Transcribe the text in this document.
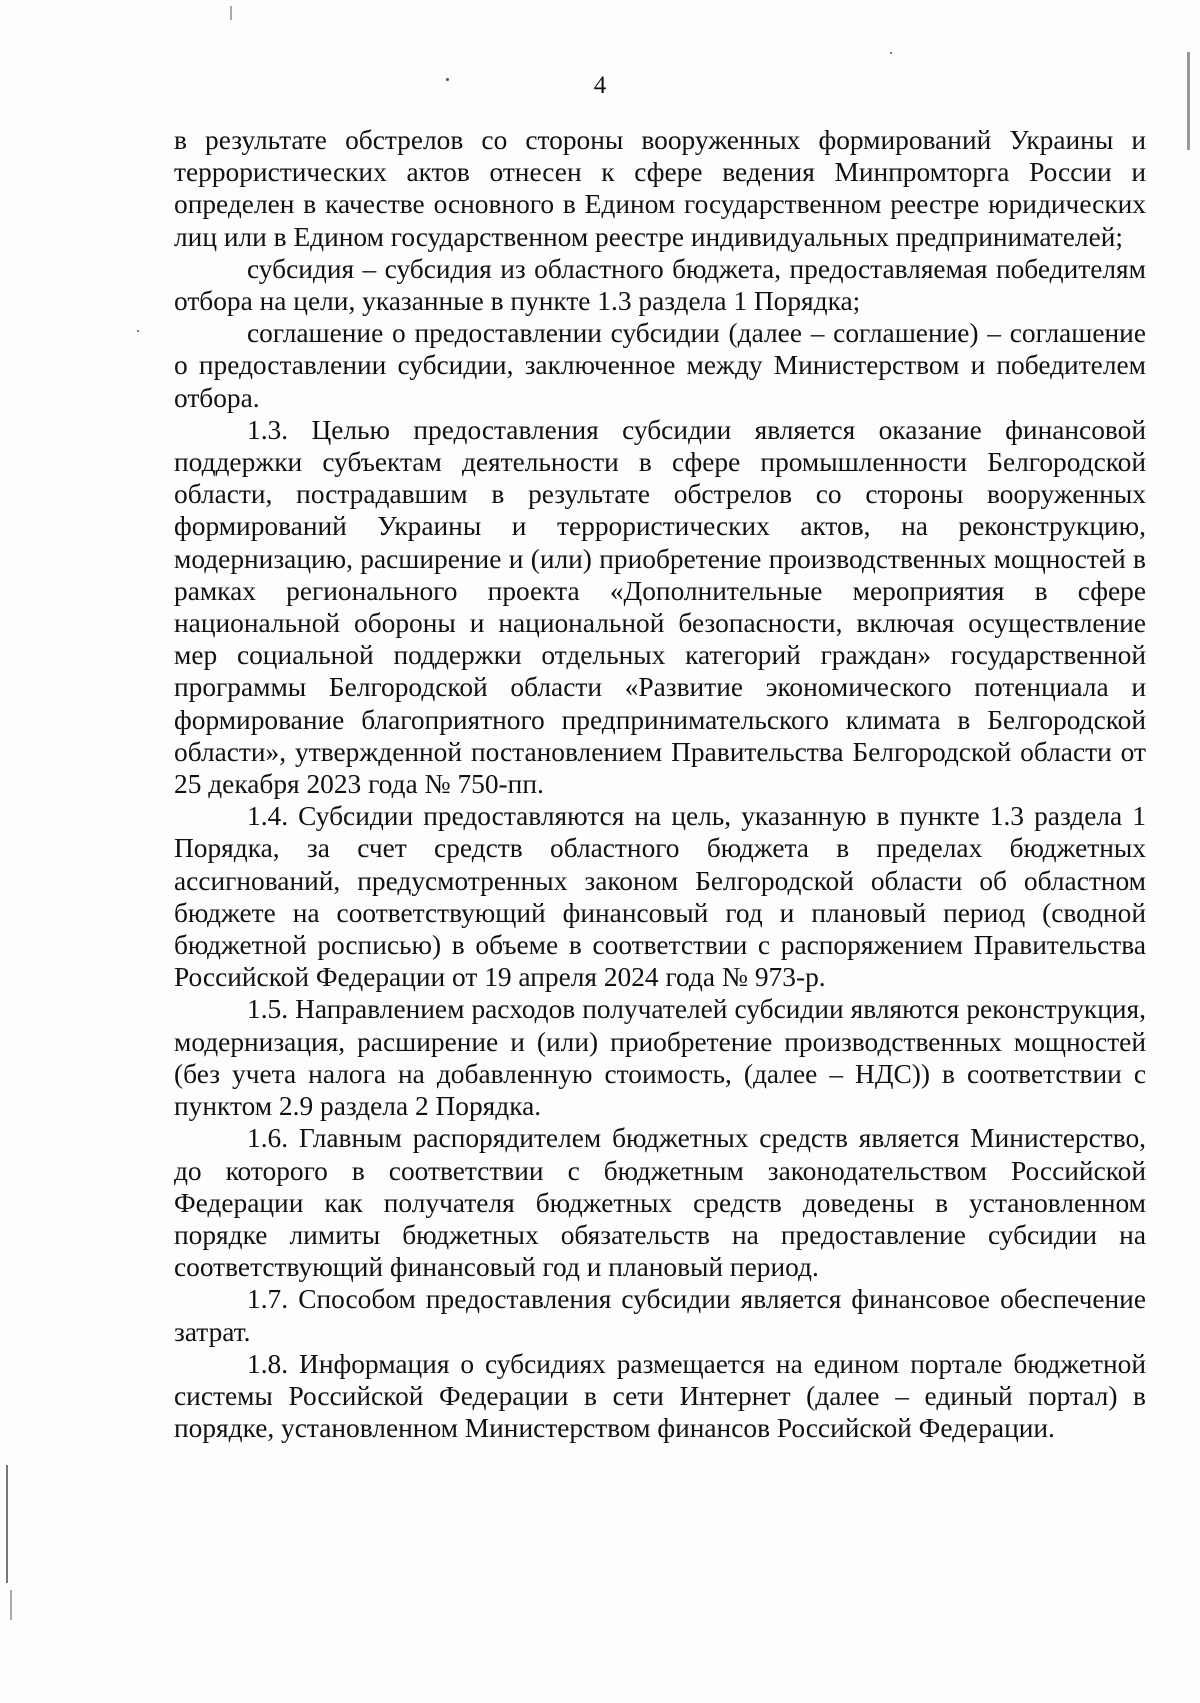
4

в результате обстрелов со стороны вооруженных формирований Украины и террористических актов отнесен к сфере ведения Минпромторга России и определен в качестве основного в Едином государственном реестре юридических лиц или в Едином государственном реестре индивидуальных предпринимателей;

субсидия – субсидия из областного бюджета, предоставляемая победителям отбора на цели, указанные в пункте 1.3 раздела 1 Порядка;

соглашение о предоставлении субсидии (далее – соглашение) – соглашение о предоставлении субсидии, заключенное между Министерством и победителем отбора.

1.3. Целью предоставления субсидии является оказание финансовой поддержки субъектам деятельности в сфере промышленности Белгородской области, пострадавшим в результате обстрелов со стороны вооруженных формирований Украины и террористических актов, на реконструкцию, модернизацию, расширение и (или) приобретение производственных мощностей в рамках регионального проекта «Дополнительные мероприятия в сфере национальной обороны и национальной безопасности, включая осуществление мер социальной поддержки отдельных категорий граждан» государственной программы Белгородской области «Развитие экономического потенциала и формирование благоприятного предпринимательского климата в Белгородской области», утвержденной постановлением Правительства Белгородской области от 25 декабря 2023 года № 750-пп.

1.4. Субсидии предоставляются на цель, указанную в пункте 1.3 раздела 1 Порядка, за счет средств областного бюджета в пределах бюджетных ассигнований, предусмотренных законом Белгородской области об областном бюджете на соответствующий финансовый год и плановый период (сводной бюджетной росписью) в объеме в соответствии с распоряжением Правительства Российской Федерации от 19 апреля 2024 года № 973-р.

1.5. Направлением расходов получателей субсидии являются реконструкция, модернизация, расширение и (или) приобретение производственных мощностей (без учета налога на добавленную стоимость, (далее – НДС)) в соответствии с пунктом 2.9 раздела 2 Порядка.

1.6. Главным распорядителем бюджетных средств является Министерство, до которого в соответствии с бюджетным законодательством Российской Федерации как получателя бюджетных средств доведены в установленном порядке лимиты бюджетных обязательств на предоставление субсидии на соответствующий финансовый год и плановый период.

1.7. Способом предоставления субсидии является финансовое обеспечение затрат.

1.8. Информация о субсидиях размещается на едином портале бюджетной системы Российской Федерации в сети Интернет (далее – единый портал) в порядке, установленном Министерством финансов Российской Федерации.
